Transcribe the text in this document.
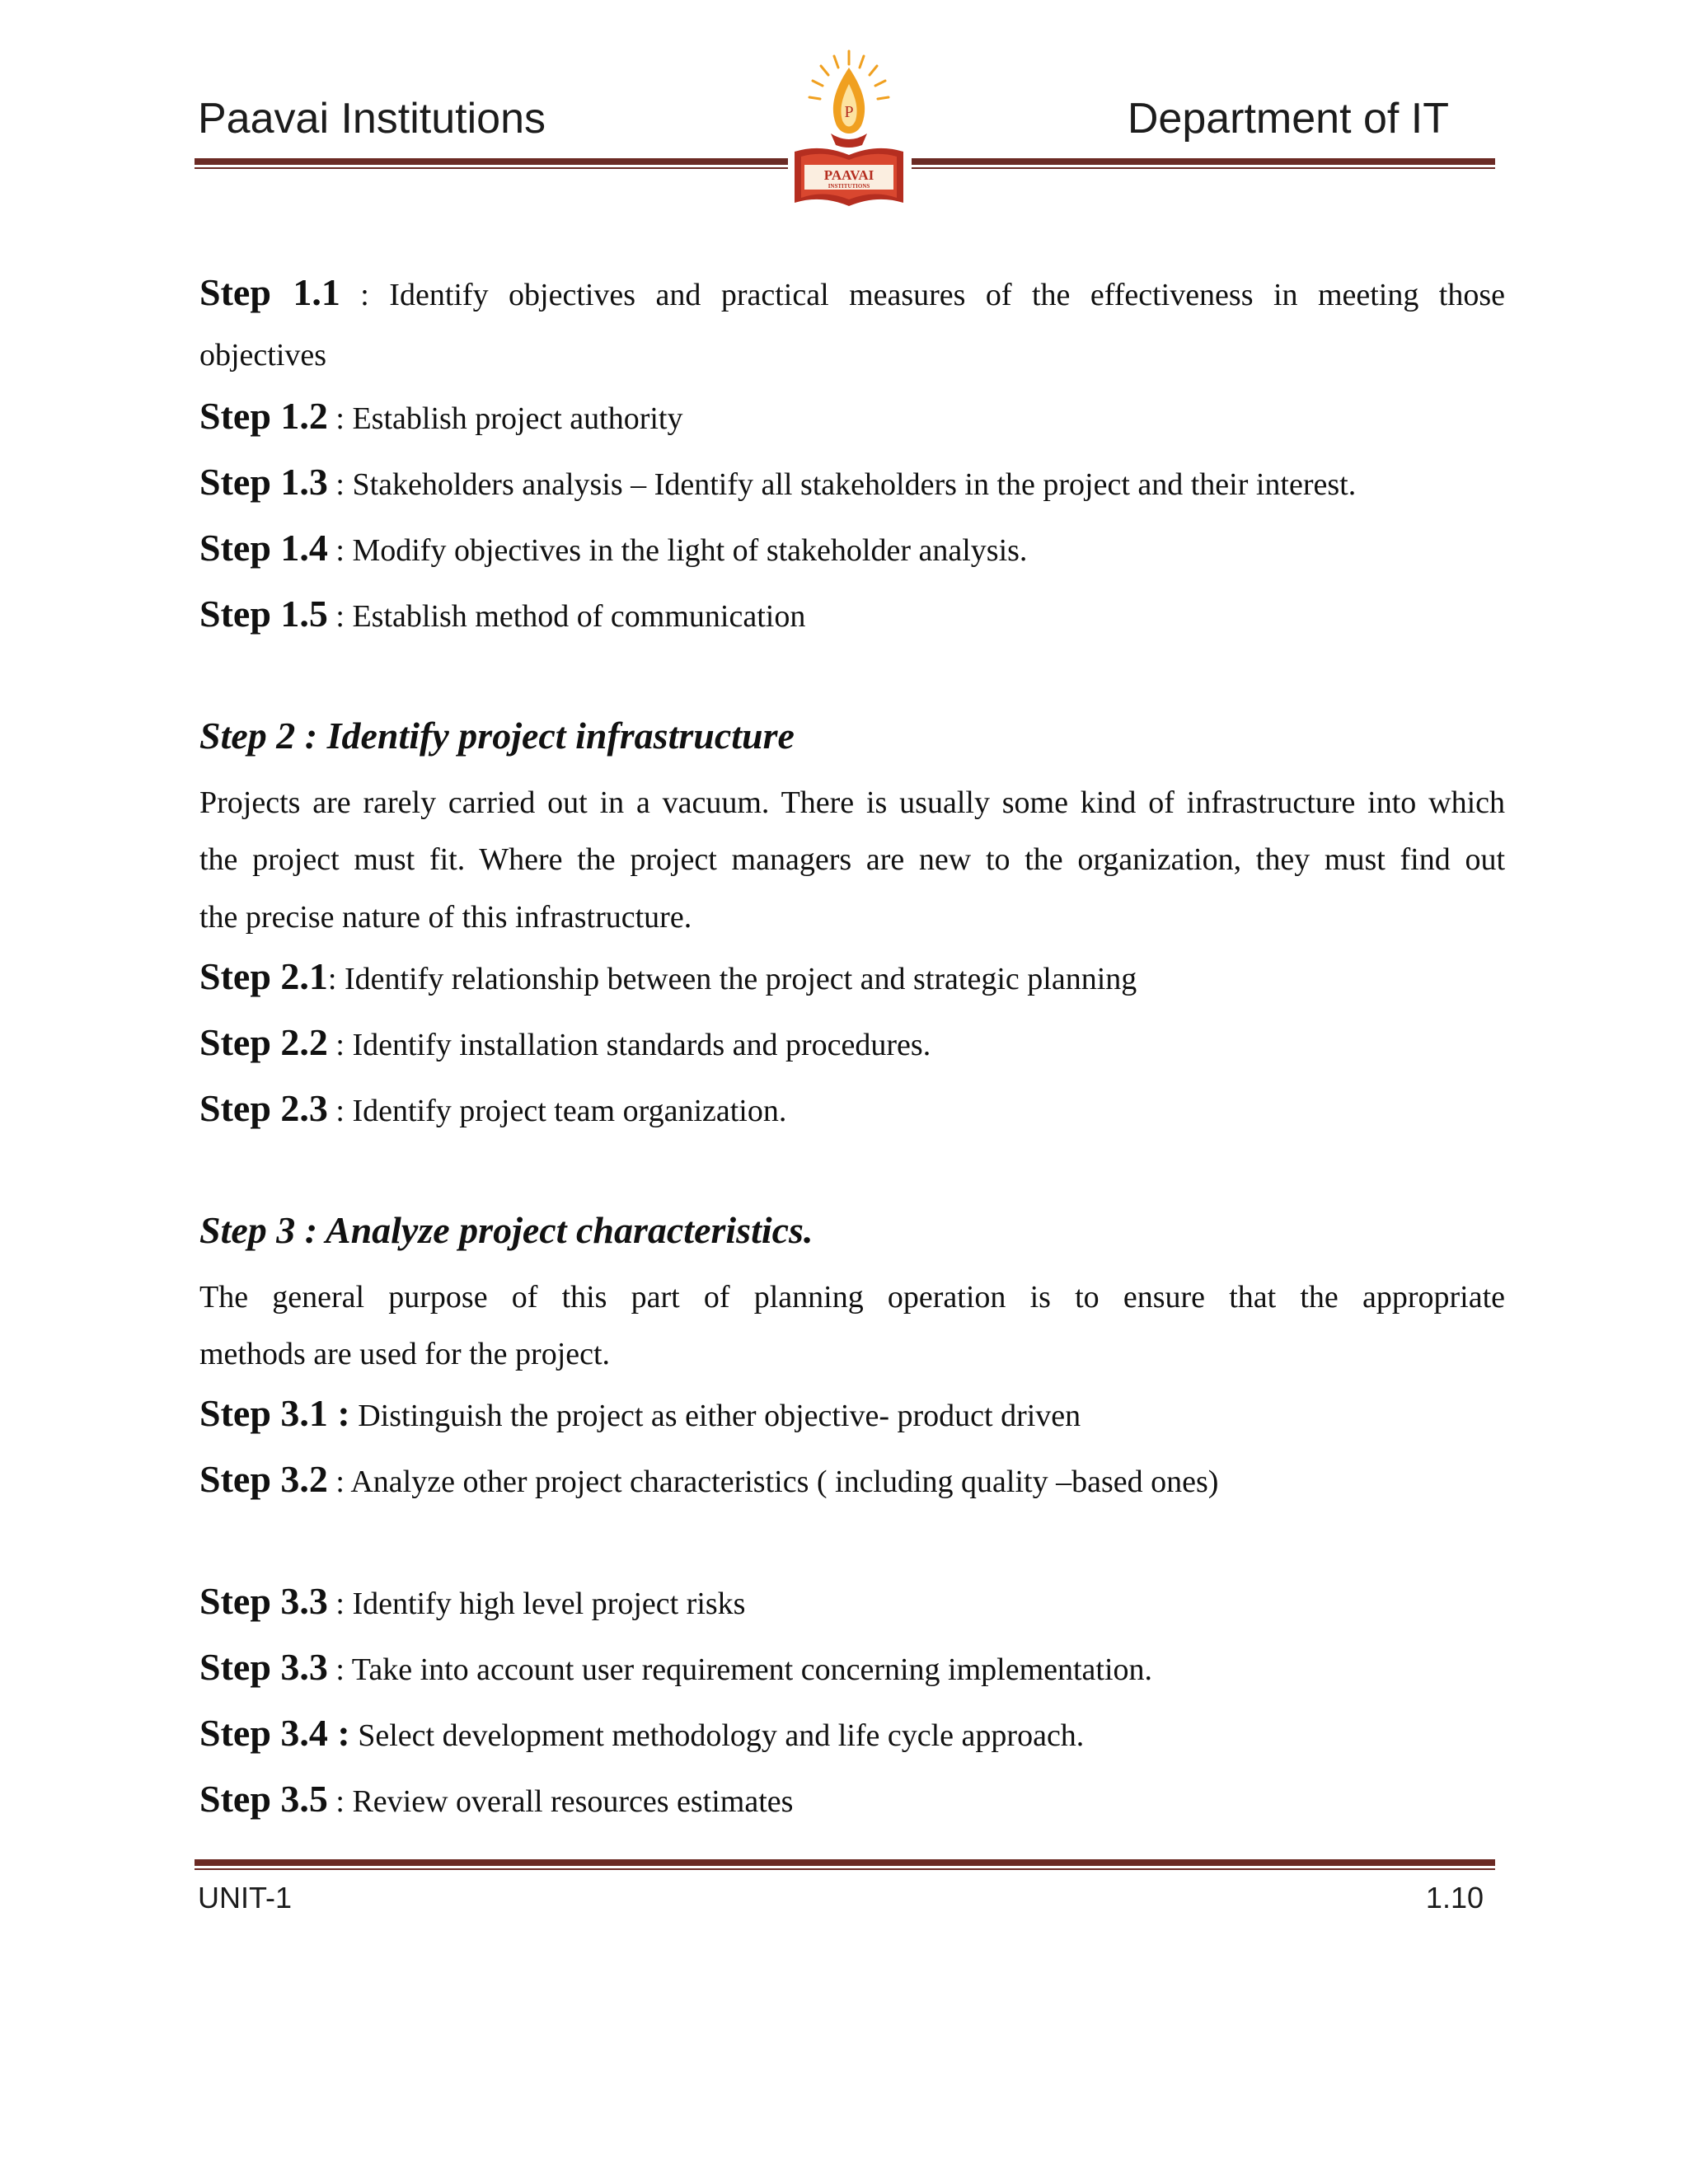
Paavai Institutions	Department of IT
P
PAAVAI
INSTITUTIONS
Step 1.1 : Identify objectives and practical measures of the effectiveness in meeting those
objectives
Step 1.2 : Establish project authority
Step 1.3 : Stakeholders analysis – Identify all stakeholders in the project and their interest.
Step 1.4 : Modify objectives in the light of stakeholder analysis.
Step 1.5 : Establish method of communication
Step 2 : Identify project infrastructure
Projects are rarely carried out in a vacuum. There is usually some kind of infrastructure into which
the project must fit. Where the project managers are new to the organization, they must find out
the precise nature of this infrastructure.
Step 2.1: Identify relationship between the project and strategic planning
Step 2.2 : Identify installation standards and procedures.
Step 2.3 : Identify project team organization.
Step 3 : Analyze project characteristics.
The general purpose of this part of planning operation is to ensure that the appropriate
methods are used for the project.
Step 3.1 : Distinguish the project as either objective- product driven
Step 3.2 : Analyze other project characteristics ( including quality –based ones)
Step 3.3 : Identify high level project risks
Step 3.3 : Take into account user requirement concerning implementation.
Step 3.4 : Select development methodology and life cycle approach.
Step 3.5 : Review overall resources estimates
UNIT-1	1.10
